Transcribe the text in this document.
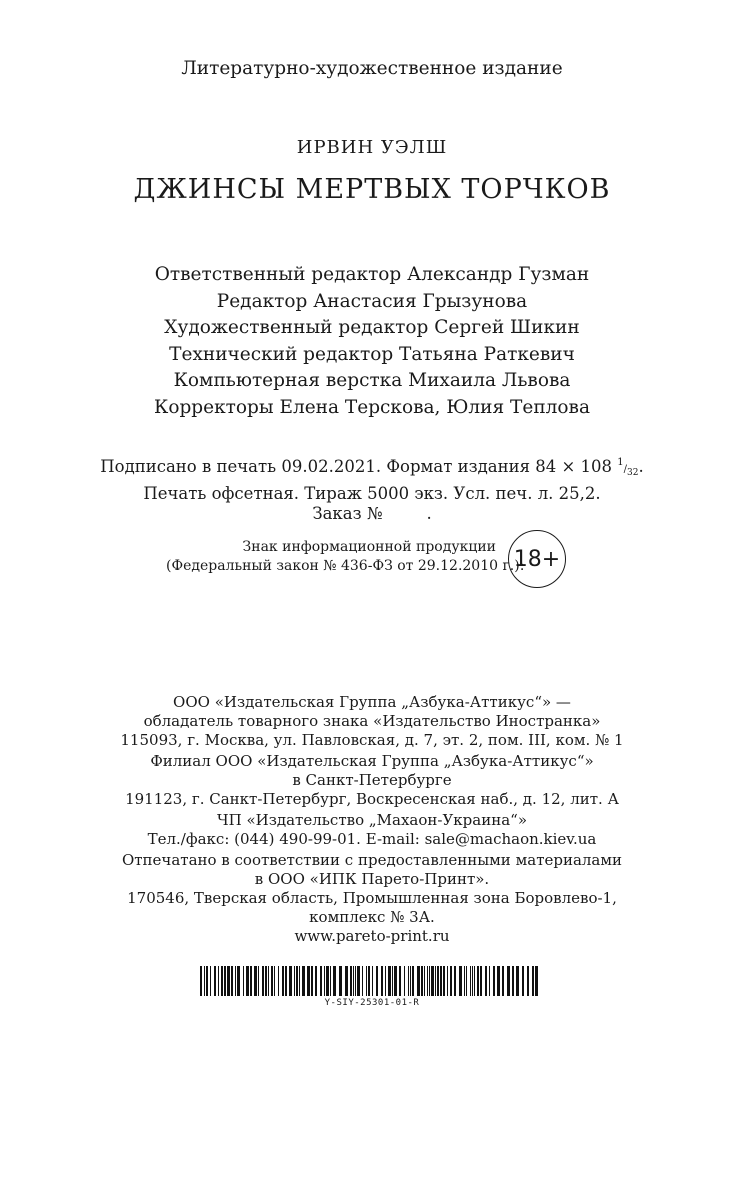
Литературно-художественное издание
ИРВИН УЭЛШ
ДЖИНСЫ МЕРТВЫХ ТОРЧКОВ
Ответственный редактор Александр Гузман
Редактор Анастасия Грызунова
Художественный редактор Сергей Шикин
Технический редактор Татьяна Раткевич
Компьютерная верстка Михаила Львова
Корректоры Елена Терскова, Юлия Теплова
Подписано в печать 09.02.2021. Формат издания 84 × 108 $^1/_{32}$.
Печать офсетная. Тираж 5000 экз. Усл. печ. л. 25,2.
Заказ №	.
Знак информационной продукции
(Федеральный закон № 436-ФЗ от 29.12.2010 г.):
18+
ООО «Издательская Группа „Азбука-Аттикус“» —
обладатель товарного знака «Издательство Иностранка»
115093, г. Москва, ул. Павловская, д. 7, эт. 2, пом. III, ком. № 1
Филиал ООО «Издательская Группа „Азбука-Аттикус“»
в Санкт-Петербурге
191123, г. Санкт-Петербург, Воскресенская наб., д. 12, лит. А
ЧП «Издательство „Махаон-Украина“»
Тел./факс: (044) 490-99-01. E-mail: sale@machaon.kiev.ua
Отпечатано в соответствии с предоставленными материалами
в ООО «ИПК Парето-Принт».
170546, Тверская область, Промышленная зона Боровлево-1,
комплекс № 3А.
www.pareto-print.ru
Y-SIY-25301-01-R
